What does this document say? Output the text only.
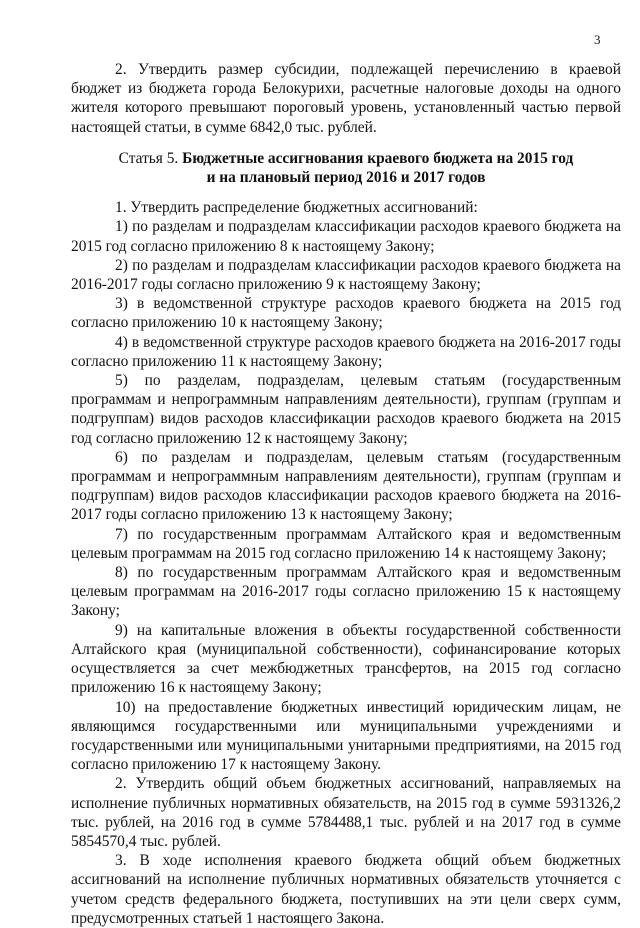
3

2. Утвердить размер субсидии, подлежащей перечислению в краевой бюджет из бюджета города Белокурихи, расчетные налоговые доходы на одного жителя которого превышают пороговый уровень, установленный частью первой настоящей статьи, в сумме 6842,0 тыс. рублей.

Статья 5. Бюджетные ассигнования краевого бюджета на 2015 год
и на плановый период 2016 и 2017 годов

1. Утвердить распределение бюджетных ассигнований:

1) по разделам и подразделам классификации расходов краевого бюджета на 2015 год согласно приложению 8 к настоящему Закону;

2) по разделам и подразделам классификации расходов краевого бюджета на 2016-2017 годы согласно приложению 9 к настоящему Закону;

3) в ведомственной структуре расходов краевого бюджета на 2015 год согласно приложению 10 к настоящему Закону;

4) в ведомственной структуре расходов краевого бюджета на 2016-2017 годы согласно приложению 11 к настоящему Закону;

5) по разделам, подразделам, целевым статьям (государственным программам и непрограммным направлениям деятельности), группам (группам и подгруппам) видов расходов классификации расходов краевого бюджета на 2015 год согласно приложению 12 к настоящему Закону;

6) по разделам и подразделам, целевым статьям (государственным программам и непрограммным направлениям деятельности), группам (группам и подгруппам) видов расходов классификации расходов краевого бюджета на 2016-2017 годы согласно приложению 13 к настоящему Закону;

7) по государственным программам Алтайского края и ведомственным целевым программам на 2015 год согласно приложению 14 к настоящему Закону;

8) по государственным программам Алтайского края и ведомственным целевым программам на 2016-2017 годы согласно приложению 15 к настоящему Закону;

9) на капитальные вложения в объекты государственной собственности Алтайского края (муниципальной собственности), софинансирование которых осуществляется за счет межбюджетных трансфертов, на 2015 год согласно приложению 16 к настоящему Закону;

10) на предоставление бюджетных инвестиций юридическим лицам, не являющимся государственными или муниципальными учреждениями и государственными или муниципальными унитарными предприятиями, на 2015 год согласно приложению 17 к настоящему Закону.

2. Утвердить общий объем бюджетных ассигнований, направляемых на исполнение публичных нормативных обязательств, на 2015 год в сумме 5931326,2 тыс. рублей, на 2016 год в сумме 5784488,1 тыс. рублей и на 2017 год в сумме 5854570,4 тыс. рублей.

3. В ходе исполнения краевого бюджета общий объем бюджетных ассигнований на исполнение публичных нормативных обязательств уточняется с учетом средств федерального бюджета, поступивших на эти цели сверх сумм, предусмотренных статьей 1 настоящего Закона.
